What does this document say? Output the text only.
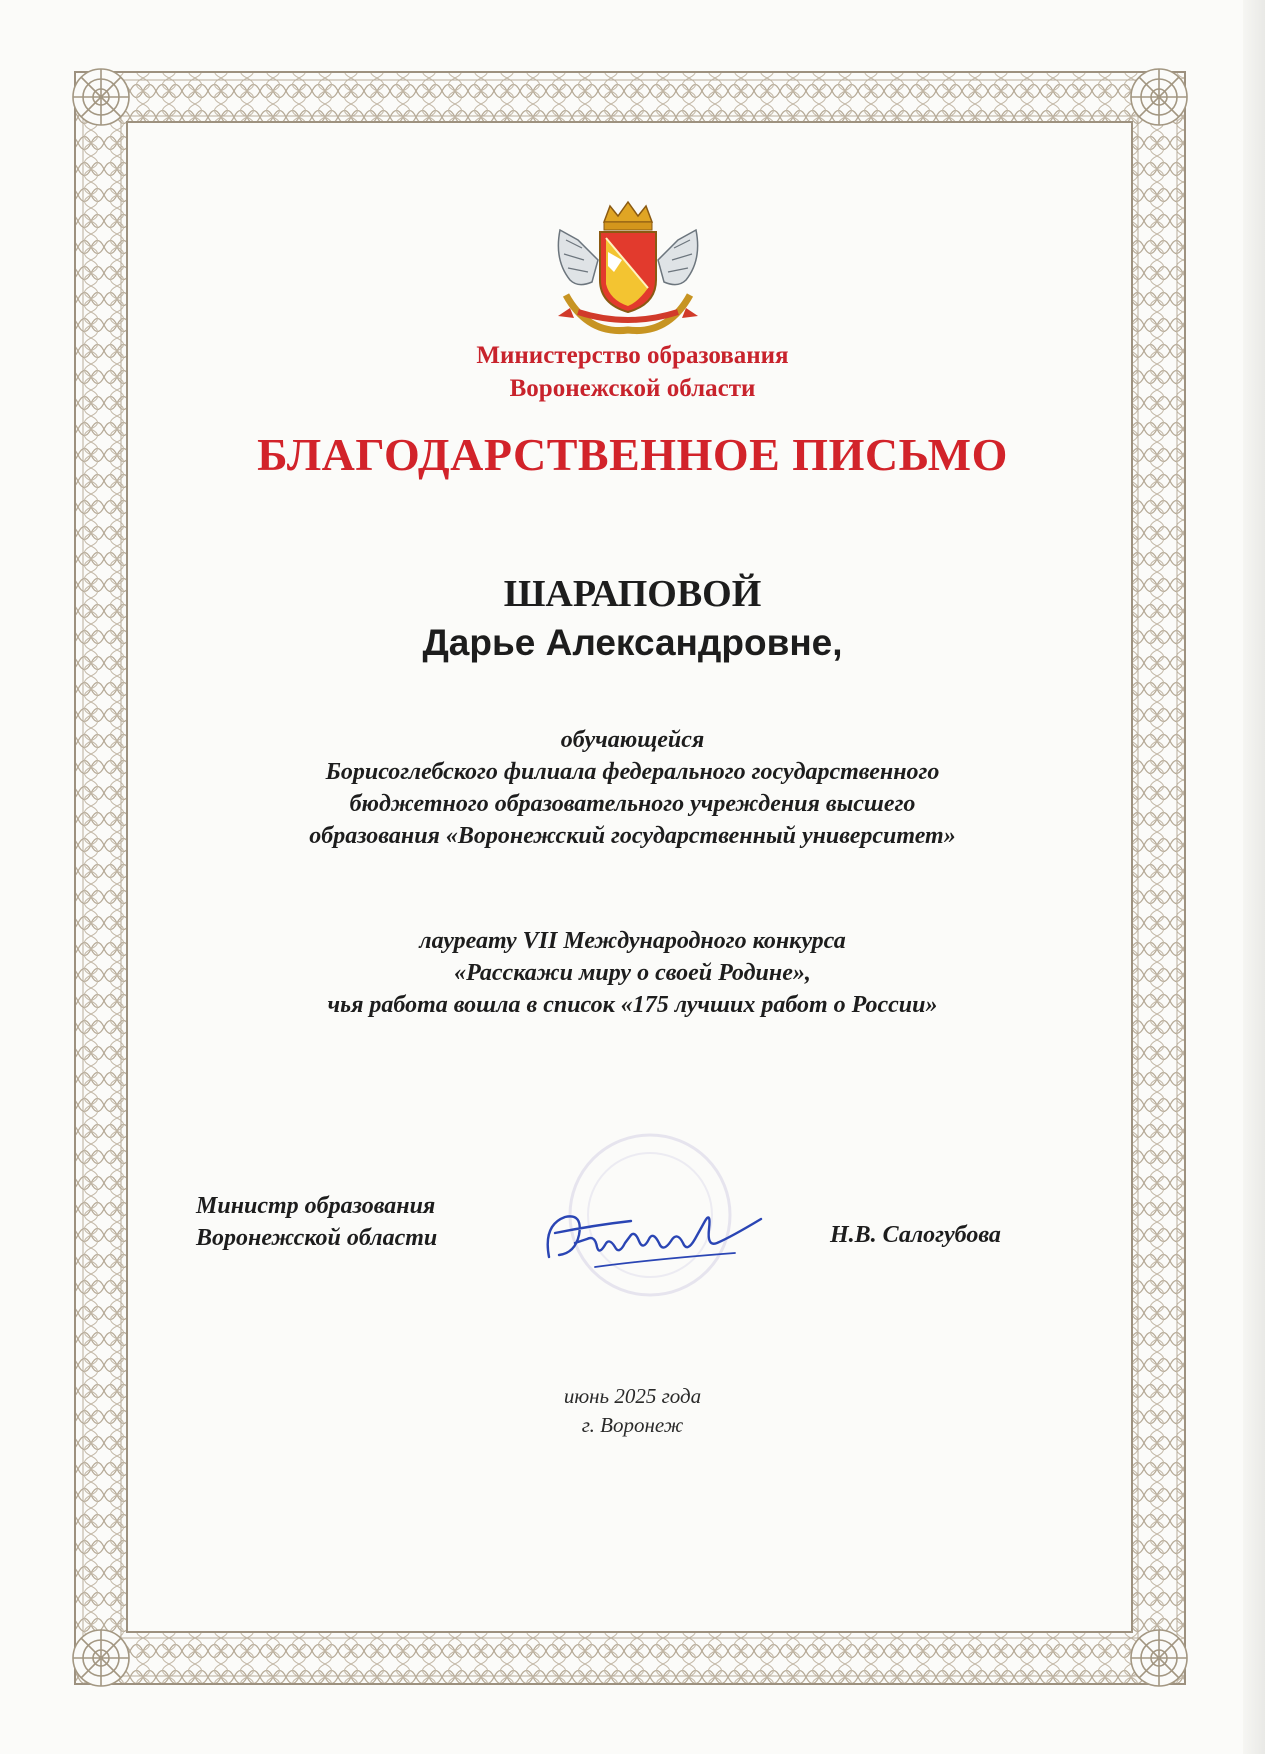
Министерство образования
Воронежской области
БЛАГОДАРСТВЕННОЕ ПИСЬМО
ШАРАПОВОЙ
Дарье Александровне,
обучающейся
Борисоглебского филиала федерального государственного
бюджетного образовательного учреждения высшего
образования «Воронежский государственный университет»
лауреату VII Международного конкурса
«Расскажи миру о своей Родине»,
чья работа вошла в список «175 лучших работ о России»
Министр образования
Воронежской области	Н.В. Салогубова
июнь 2025 года
г. Воронеж
